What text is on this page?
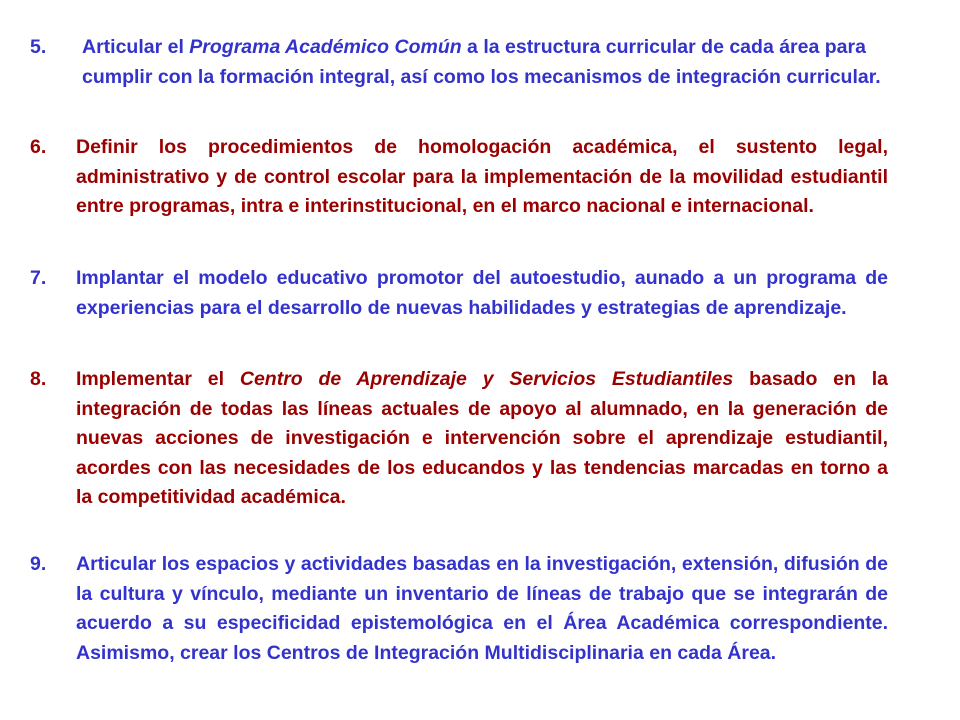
5.	Articular el Programa Académico Común a la estructura curricular de cada área para cumplir con la formación integral, así como los mecanismos de integración curricular.
6. Definir los procedimientos de homologación académica, el sustento legal, administrativo y de control escolar para la implementación de la movilidad estudiantil entre programas, intra e interinstitucional, en el marco nacional e internacional.
7.	Implantar el modelo educativo promotor del autoestudio, aunado a un programa de experiencias para el desarrollo de nuevas habilidades y estrategias de aprendizaje.
8.	Implementar el Centro de Aprendizaje y Servicios Estudiantiles basado en la integración de todas las líneas actuales de apoyo al alumnado, en la generación de nuevas acciones de investigación e intervención sobre el aprendizaje estudiantil, acordes con las necesidades de los educandos y las tendencias marcadas en torno a la competitividad académica.
9. Articular los espacios y actividades basadas en la investigación, extensión, difusión de la cultura y vínculo, mediante un inventario de líneas de trabajo que se integrarán de acuerdo a su especificidad epistemológica en el Área Académica correspondiente. Asimismo, crear los Centros de Integración Multidisciplinaria en cada Área.
